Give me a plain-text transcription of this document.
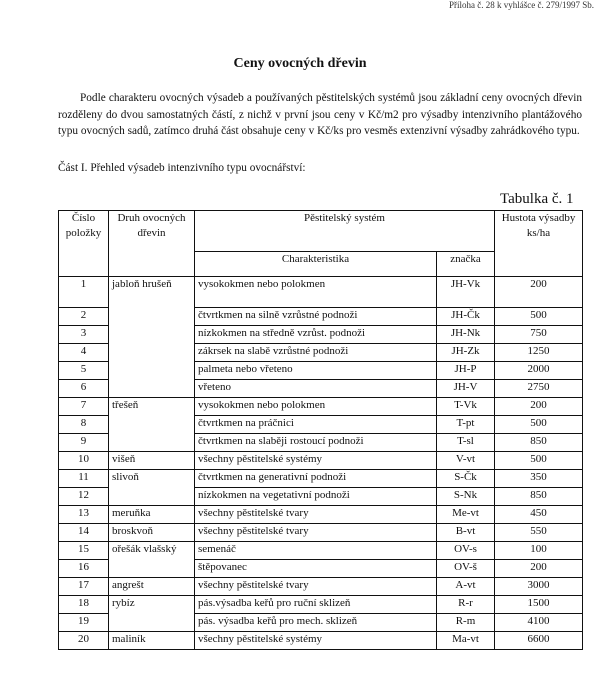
Příloha č. 28 k vyhlášce č. 279/1997 Sb.
Ceny ovocných dřevin
Podle charakteru ovocných výsadeb a používaných pěstitelských systémů jsou základní ceny ovocných dřevin rozděleny do dvou samostatných částí, z nichž v první jsou ceny v Kč/m2 pro výsadby intenzivního plantážového typu ovocných sadů, zatímco druhá část obsahuje ceny v Kč/ks pro vesměs extenzivní výsadby zahrádkového typu.
Část I. Přehled výsadeb intenzivního typu ovocnářství:
Tabulka č. 1
Číslo položky	Druh ovocných dřevin	Pěstitelský systém		Hustota výsadby ks/ha
		Charakteristika	značka	
1	jabloň hrušeň	vysokokmen nebo polokmen	JH-Vk	200
2		čtvrtkmen na silně vzrůstné podnoži	JH-Čk	500
3		nízkokmen na středně vzrůst. podnoži	JH-Nk	750
4		zákrsek na slabě vzrůstné podnoži	JH-Zk	1250
5		palmeta nebo vřeteno	JH-P	2000
6		vřeteno	JH-V	2750
7	třešeň	vysokokmen nebo polokmen	T-Vk	200
8		čtvrtkmen na práčnici	T-pt	500
9		čtvrtkmen na slaběji rostoucí podnoži	T-sl	850
10	višeň	všechny pěstitelské systémy	V-vt	500
11	slivoň	čtvrtkmen na generativní podnoži	S-Čk	350
12		nízkokmen na vegetativní podnoži	S-Nk	850
13	meruňka	všechny pěstitelské tvary	Me-vt	450
14	broskvoň	všechny pěstitelské tvary	B-vt	550
15	ořešák vlašský	semenáč	OV-s	100
16		štěpovanec	OV-š	200
17	angrešt	všechny pěstitelské tvary	A-vt	3000
18	rybíz	pás.výsadba keřů pro ruční sklizeň	R-r	1500
19		pás. výsadba keřů pro mech. sklizeň	R-m	4100
20	maliník	všechny pěstitelské systémy	Ma-vt	6600
